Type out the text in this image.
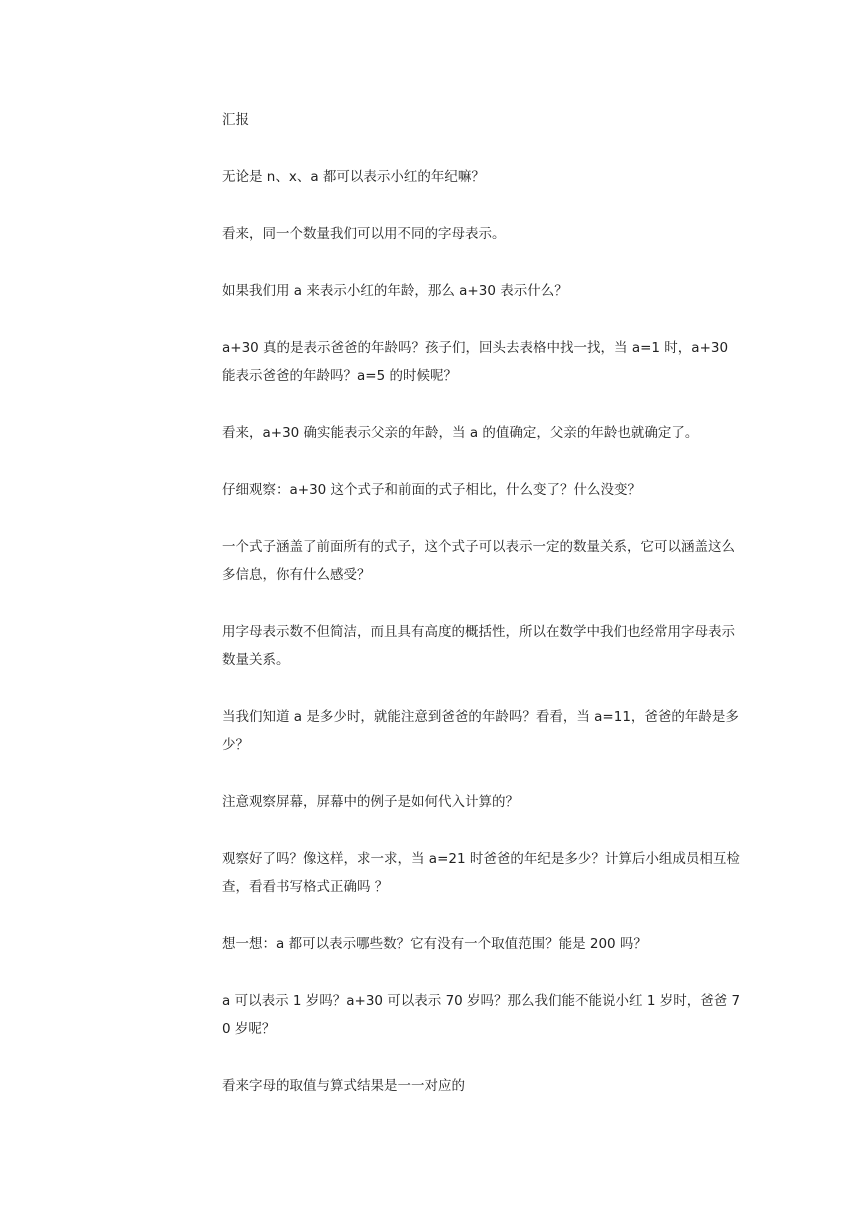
汇报

无论是 n、x、a 都可以表示小红的年纪嘛？

看来，同一个数量我们可以用不同的字母表示。

如果我们用 a 来表示小红的年龄，那么 a+30 表示什么？

a+30 真的是表示爸爸的年龄吗？孩子们，回头去表格中找一找，当 a=1 时，a+30 能表示爸爸的年龄吗？a=5 的时候呢？

看来，a+30 确实能表示父亲的年龄，当 a 的值确定，父亲的年龄也就确定了。

仔细观察：a+30 这个式子和前面的式子相比，什么变了？什么没变？

一个式子涵盖了前面所有的式子，这个式子可以表示一定的数量关系，它可以涵盖这么多信息，你有什么感受？

用字母表示数不但简洁，而且具有高度的概括性，所以在数学中我们也经常用字母表示数量关系。

当我们知道 a 是多少时，就能注意到爸爸的年龄吗？看看，当 a=11，爸爸的年龄是多少？

注意观察屏幕，屏幕中的例子是如何代入计算的？

观察好了吗？像这样，求一求，当 a=21 时爸爸的年纪是多少？计算后小组成员相互检查，看看书写格式正确吗 ？

想一想：a 都可以表示哪些数？它有没有一个取值范围？能是 200 吗？

a 可以表示 1 岁吗？a+30 可以表示 70 岁吗？那么我们能不能说小红 1 岁时，爸爸 70 岁呢？

看来字母的取值与算式结果是一一对应的
